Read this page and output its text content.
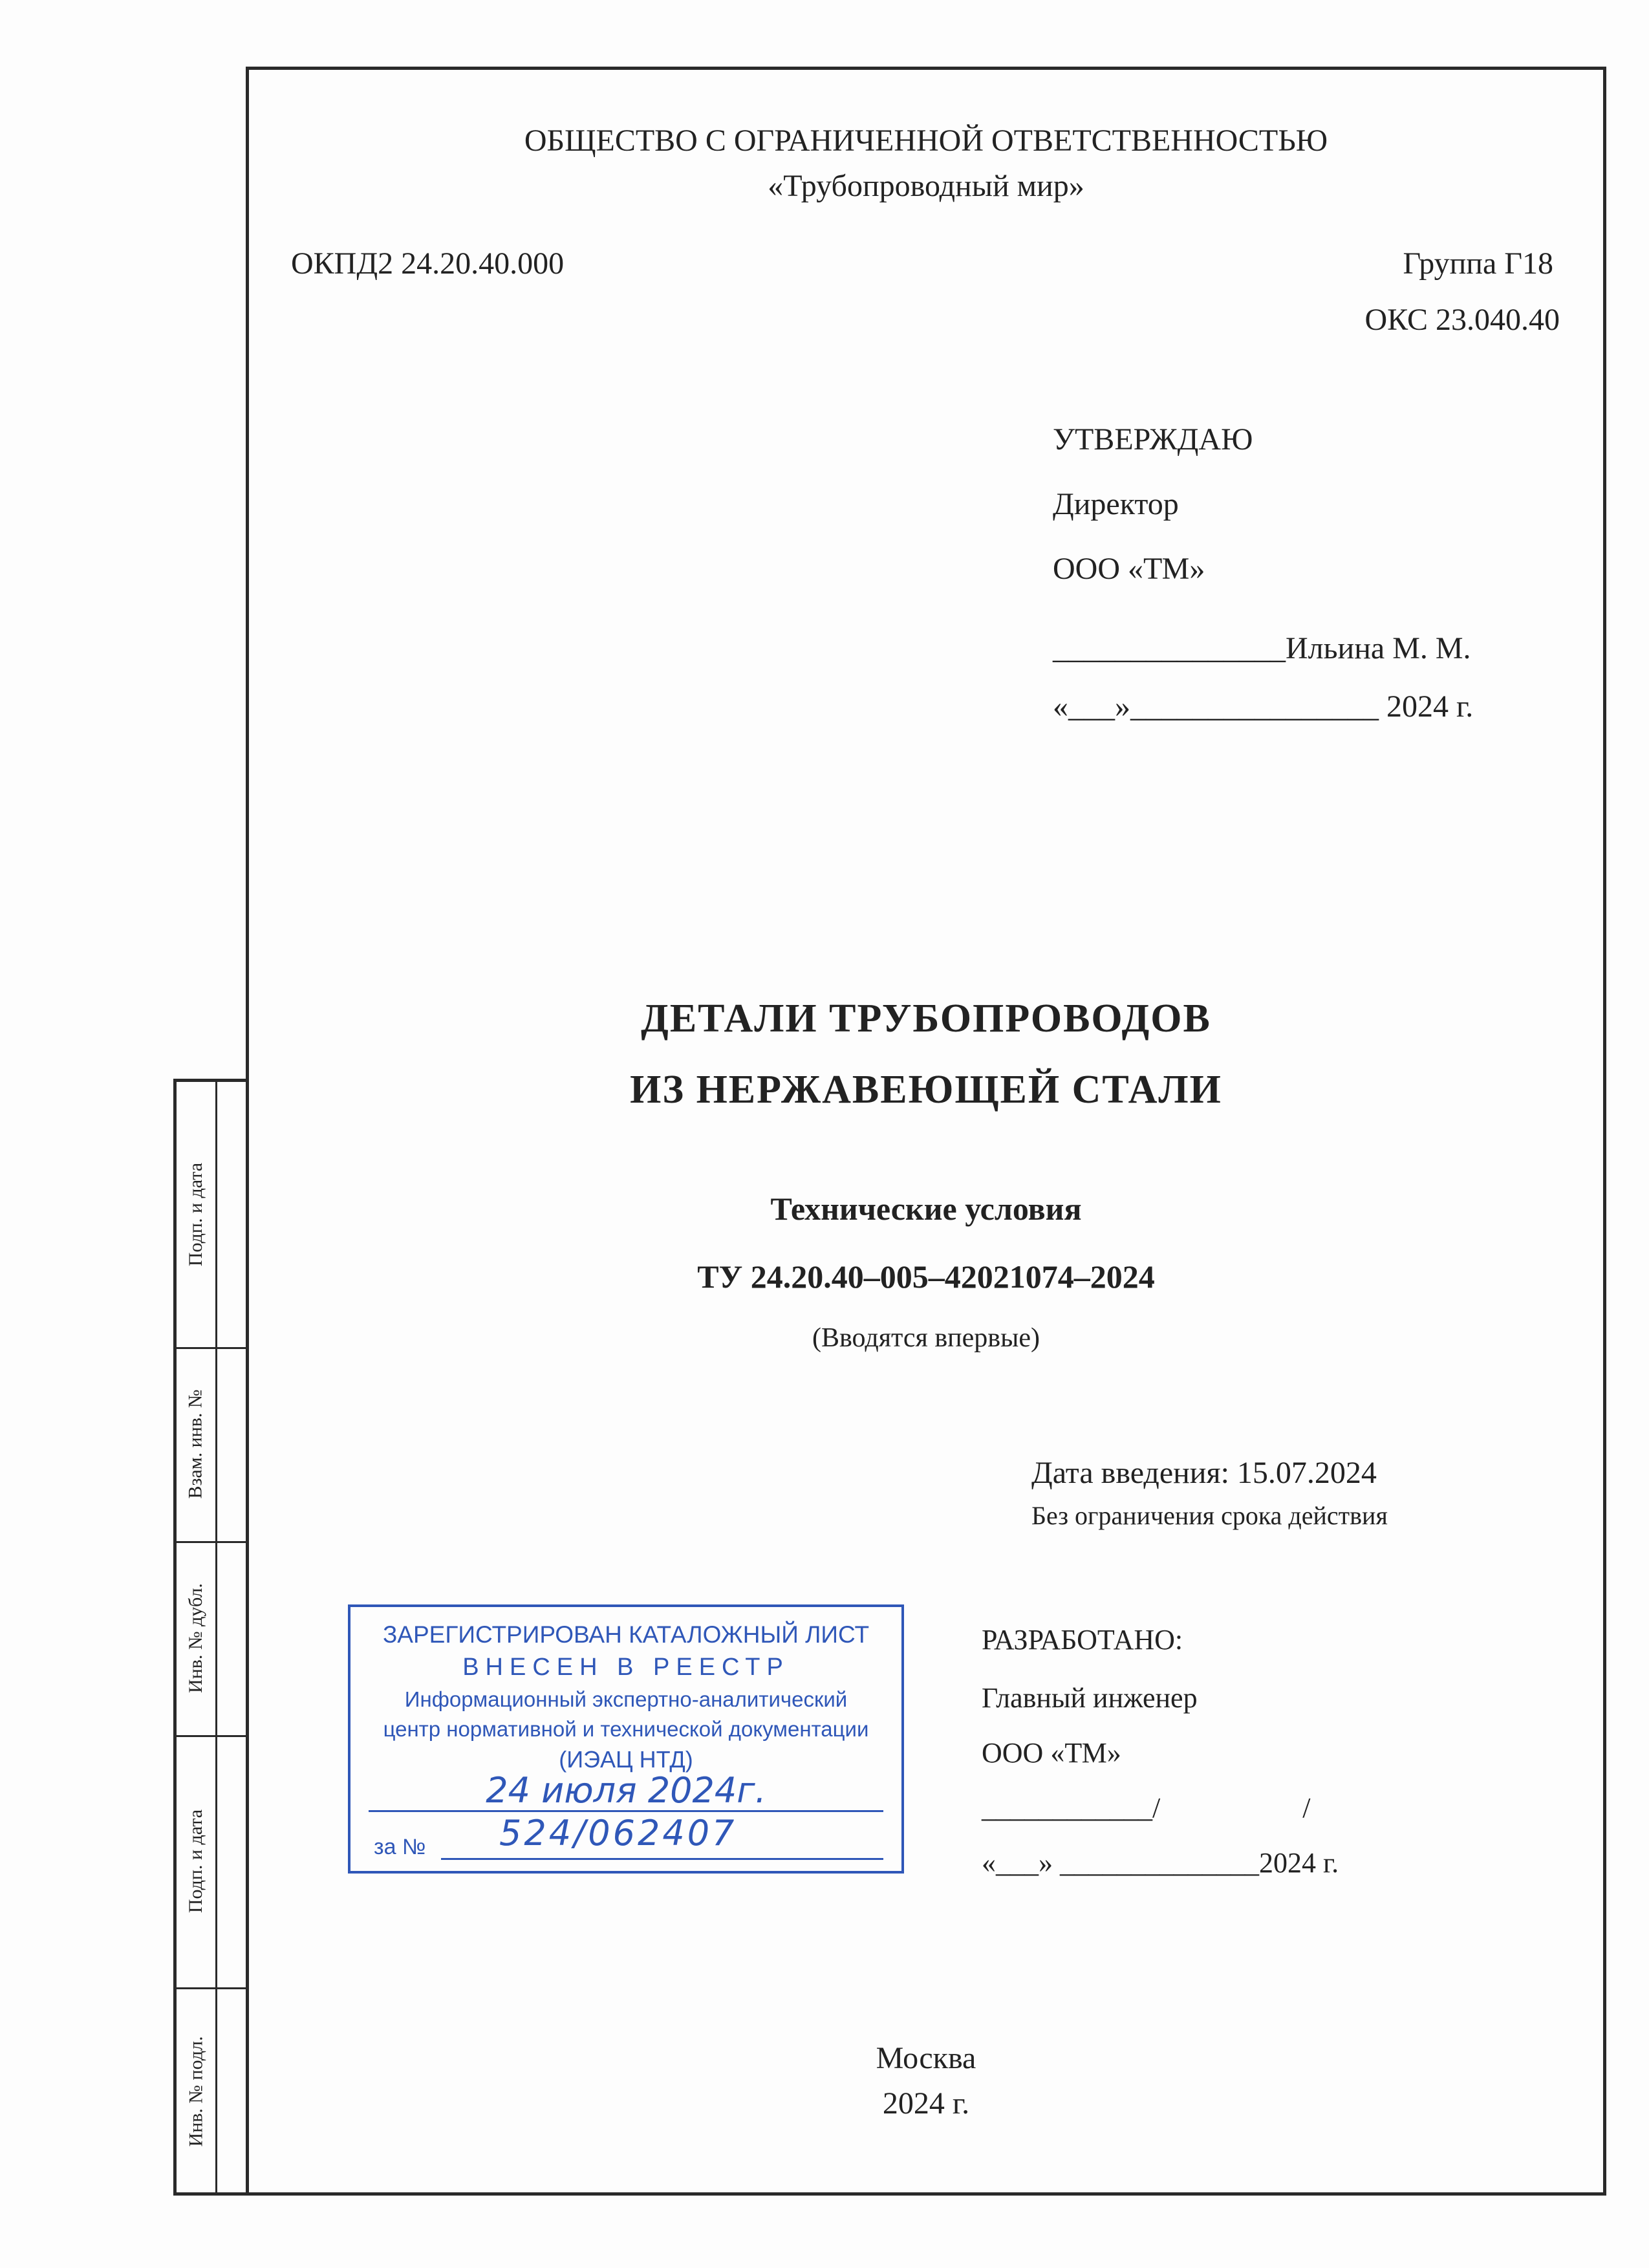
Подп. и дата
Взам. инв. №
Инв. № дубл.
Подп. и дата
Инв. № подл.
ОБЩЕСТВО С ОГРАНИЧЕННОЙ ОТВЕТСТВЕННОСТЬЮ
«Трубопроводный мир»
ОКПД2 24.20.40.000	Группа Г18
ОКС 23.040.40
УТВЕРЖДАЮ
Директор
ООО «ТМ»
_______________Ильина М. М.
«___»________________ 2024 г.
ДЕТАЛИ ТРУБОПРОВОДОВ
ИЗ НЕРЖАВЕЮЩЕЙ СТАЛИ
Технические условия
ТУ 24.20.40–005–42021074–2024
(Вводятся впервые)
Дата введения: 15.07.2024
Без ограничения срока действия
РАЗРАБОТАНО:
Главный инженер
ООО «ТМ»
____________/                    /
«___» ______________2024 г.
ЗАРЕГИСТРИРОВАН КАТАЛОЖНЫЙ ЛИСТ
ВНЕСЕН В РЕЕСТР
Информационный экспертно-аналитический
центр нормативной и технической документации
(ИЭАЦ НТД)
24 июля 2024г.
за № 524/062407
Москва
2024 г.
